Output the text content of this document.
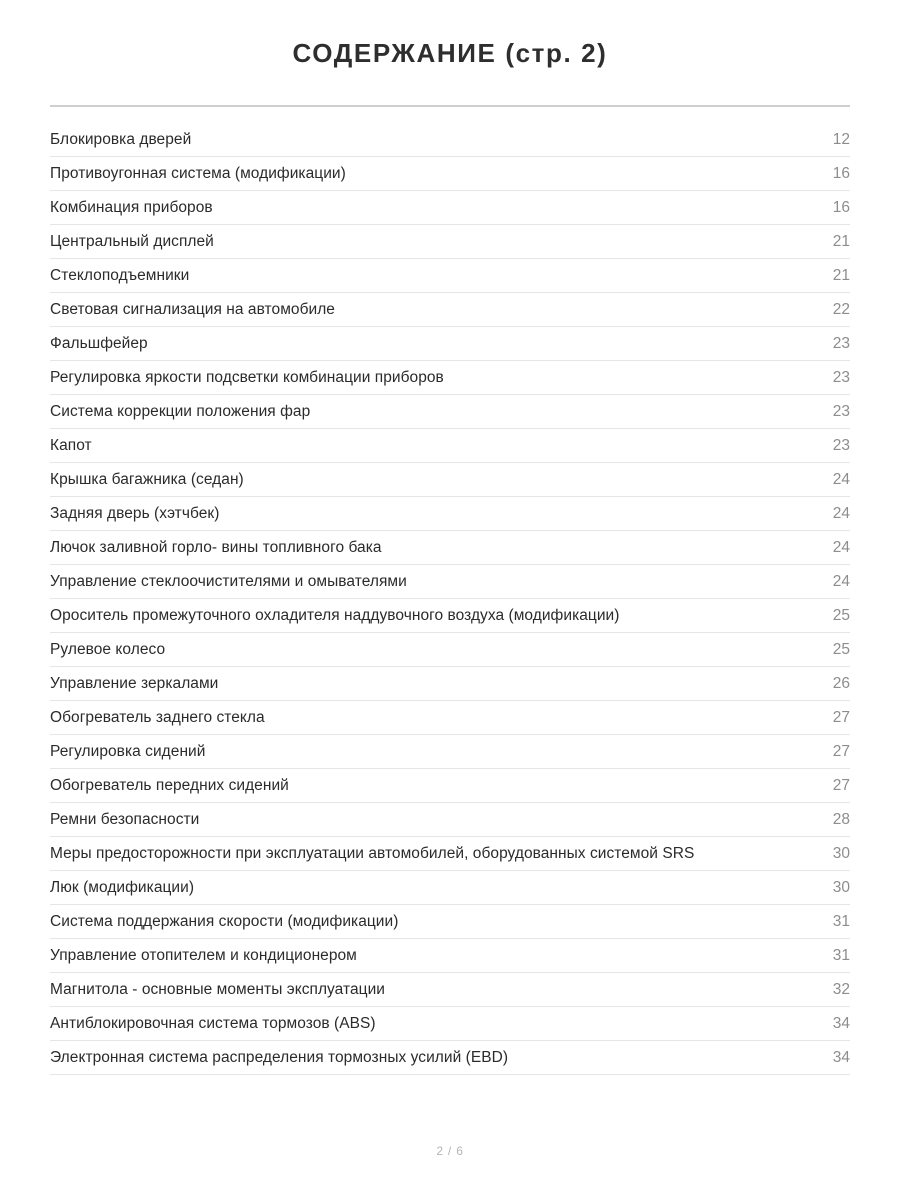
СОДЕРЖАНИЕ (стр. 2)
Блокировка дверей	12
Противоугонная система (модификации)	16
Комбинация приборов	16
Центральный дисплей	21
Стеклоподъемники	21
Световая сигнализация на автомобиле	22
Фальшфейер	23
Регулировка яркости подсветки комбинации приборов	23
Система коррекции положения фар	23
Капот	23
Крышка багажника (седан)	24
Задняя дверь (хэтчбек)	24
Лючок заливной горло- вины топливного бака	24
Управление стеклоочистителями и омывателями	24
Ороситель промежуточного охладителя наддувочного воздуха (модификации)	25
Рулевое колесо	25
Управление зеркалами	26
Обогреватель заднего стекла	27
Регулировка сидений	27
Обогреватель передних сидений	27
Ремни безопасности	28
Меры предосторожности при эксплуатации автомобилей, оборудованных системой SRS	30
Люк (модификации)	30
Система поддержания скорости (модификации)	31
Управление отопителем и кондиционером	31
Магнитола - основные моменты эксплуатации	32
Антиблокировочная система тормозов (ABS)	34
Электронная система распределения тормозных усилий (EBD)	34
2 / 6
